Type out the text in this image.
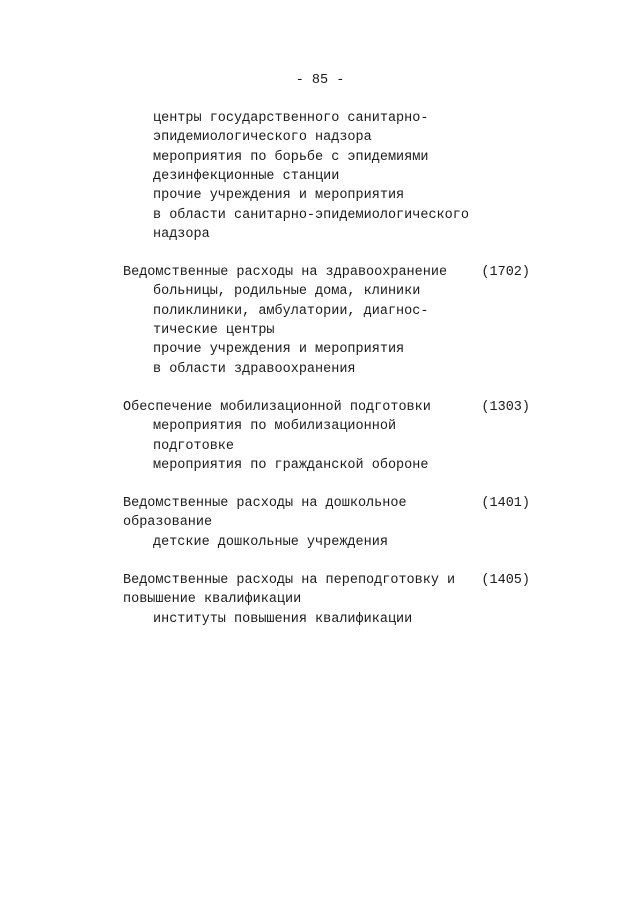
- 85 -
центры государственного санитарно-
эпидемиологического надзора
мероприятия по борьбе с эпидемиями
дезинфекционные станции
прочие учреждения и мероприятия
в области санитарно-эпидемиологического
надзора
Ведомственные расходы на здравоохранение	(1702)
больницы, родильные дома, клиники
поликлиники, амбулатории, диагнос-
тические центры
прочие учреждения и мероприятия
в области здравоохранения
Обеспечение мобилизационной подготовки	(1303)
мероприятия по мобилизационной
подготовке
мероприятия по гражданской обороне
Ведомственные расходы на дошкольное	(1401)
образование
детские дошкольные учреждения
Ведомственные расходы на переподготовку и (1405)
повышение квалификации
институты повышения квалификации
